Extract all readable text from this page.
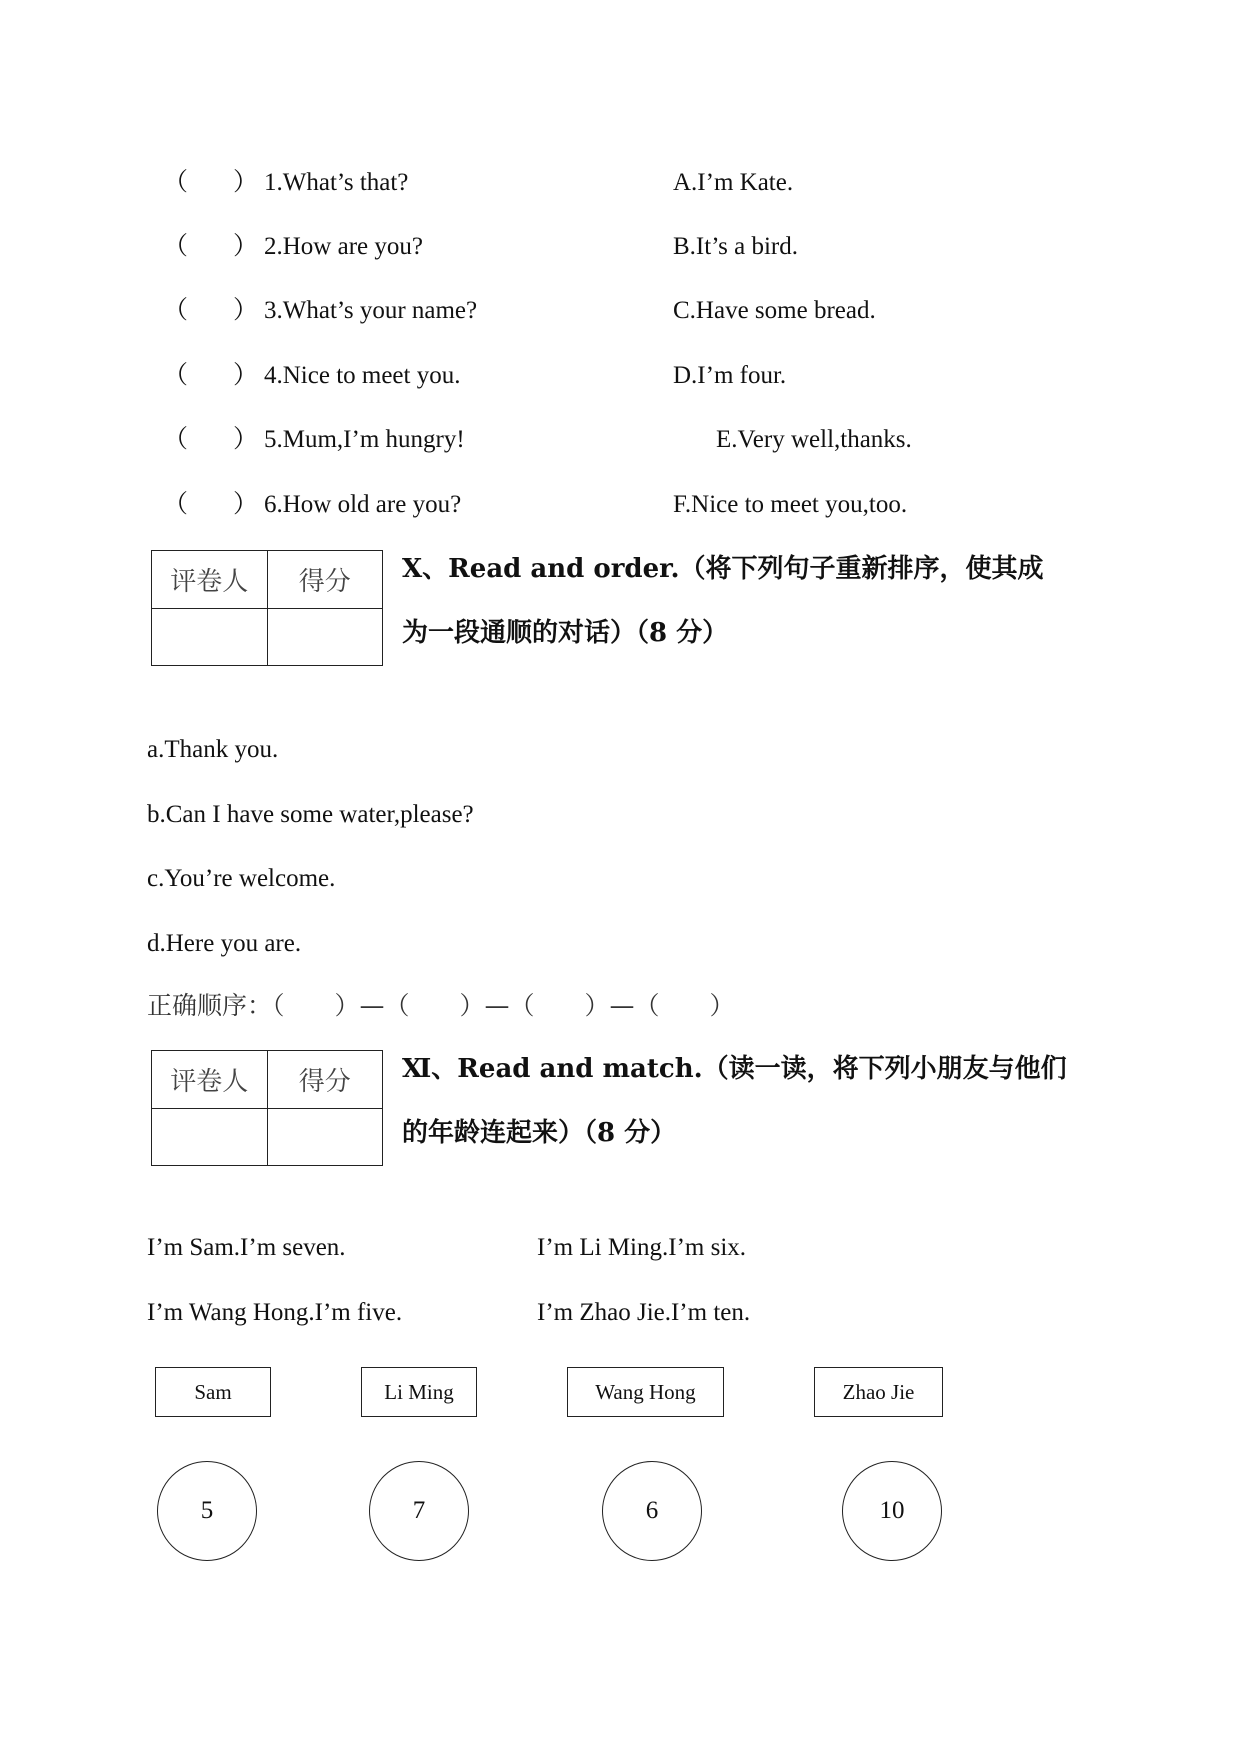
（ ） 1.What’s that?	A.I’m Kate.
（ ） 2.How are you?	B.It’s a bird.
（ ） 3.What’s your name?	C.Have some bread.
（ ） 4.Nice to meet you.	D.I’m four.
（ ） 5.Mum,I’m hungry!	E.Very well,thanks.
（ ） 6.How old are you?	F.Nice to meet you,too.
评卷人	得分
	Ⅹ、Read and order.（将下列句子重新排序，使其成
为一段通顺的对话）（8 分）
a.Thank you.
b.Can I have some water,please?
c.You’re welcome.
d.Here you are.
正确顺序：（　　）—（　　）—（　　）—（　　）
评卷人	得分
	Ⅺ、Read and match.（读一读，将下列小朋友与他们
的年龄连起来）（8 分）
I’m Sam.I’m seven.	I’m Li Ming.I’m six.
I’m Wang Hong.I’m five.	I’m Zhao Jie.I’m ten.
Sam	Li Ming	Wang Hong	Zhao Jie
5	7	6	10
